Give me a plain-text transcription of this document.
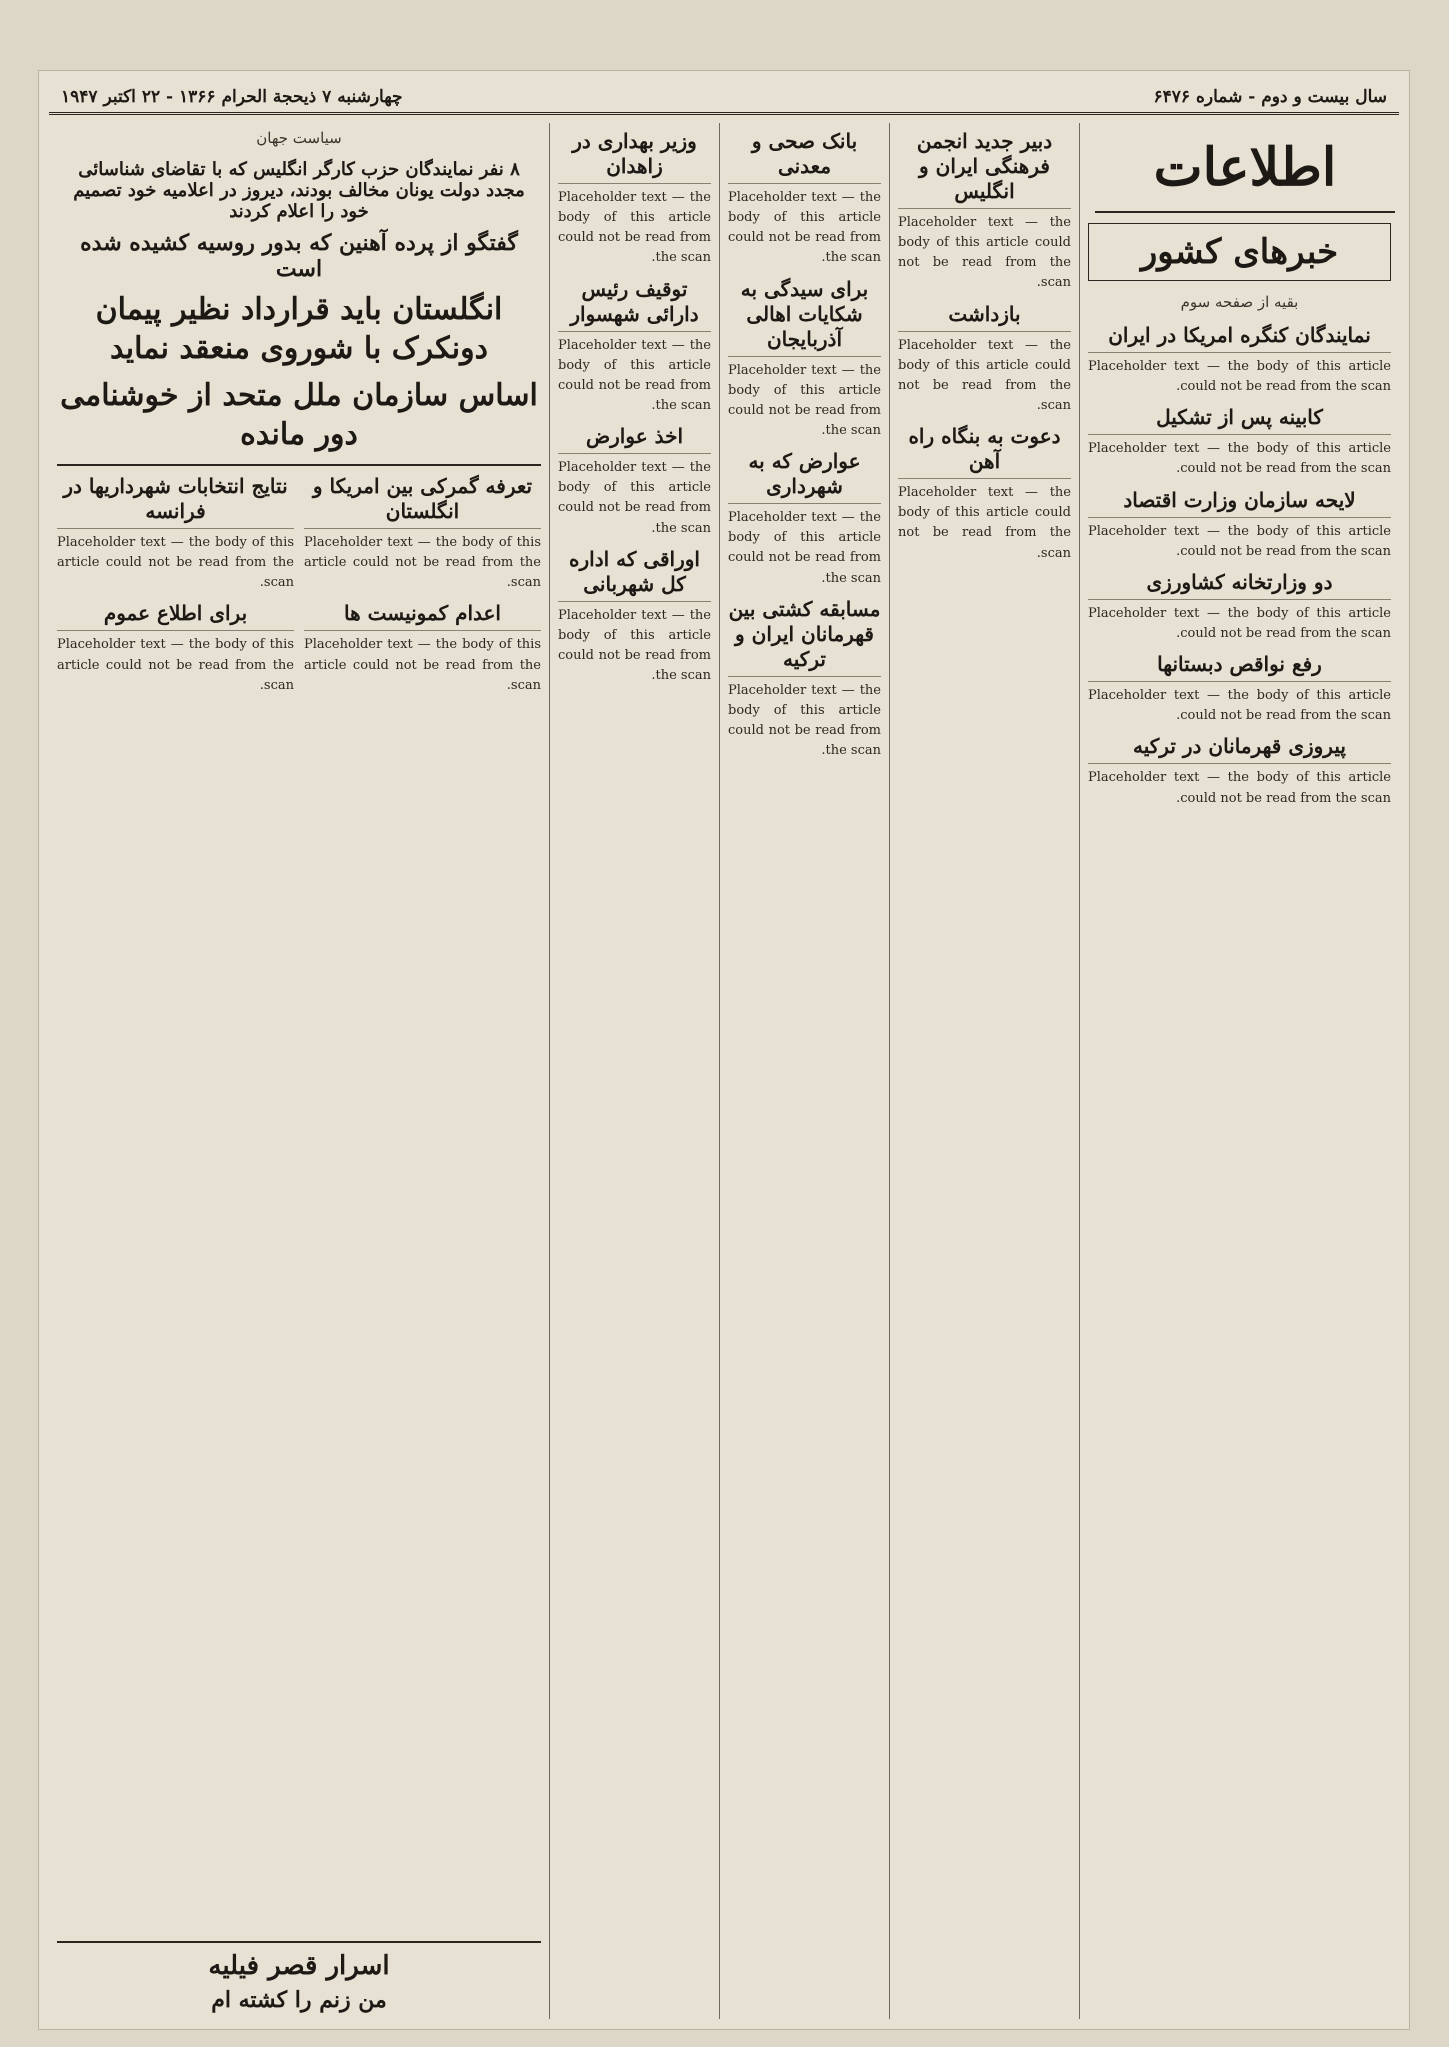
سال بیست و دوم - شماره ۶۴۷۶
چهارشنبه ۷ ذیحجة الحرام ۱۳۶۶ - ۲۲ اکتبر ۱۹۴۷
خبرهای کشور
بقیه از صفحه سوم
نمایندگان کنگره امریکا در ایران

Placeholder text — the body of this article could not be read from the scan.

کابینه پس از تشکیل

Placeholder text — the body of this article could not be read from the scan.

لایحه سازمان وزارت اقتصاد

Placeholder text — the body of this article could not be read from the scan.

دو وزارتخانه کشاورزی

Placeholder text — the body of this article could not be read from the scan.

رفع نواقص دبستانها

Placeholder text — the body of this article could not be read from the scan.

پیروزی قهرمانان در ترکیه

Placeholder text — the body of this article could not be read from the scan.

دبیر جدید انجمن فرهنگی ایران و انگلیس

Placeholder text — the body of this article could not be read from the scan.

بازداشت

Placeholder text — the body of this article could not be read from the scan.

دعوت به بنگاه راه آهن

Placeholder text — the body of this article could not be read from the scan.

بانک صحی و معدنی

Placeholder text — the body of this article could not be read from the scan.

برای سیدگی به شکایات اهالی آذربایجان

Placeholder text — the body of this article could not be read from the scan.

عوارض که به شهرداری

Placeholder text — the body of this article could not be read from the scan.

مسابقه کشتی بین قهرمانان ایران و ترکیه

Placeholder text — the body of this article could not be read from the scan.

وزیر بهداری در زاهدان

Placeholder text — the body of this article could not be read from the scan.

توقیف رئیس دارائی شهسوار

Placeholder text — the body of this article could not be read from the scan.

اخذ عوارض

Placeholder text — the body of this article could not be read from the scan.

اوراقی که اداره کل شهربانی

Placeholder text — the body of this article could not be read from the scan.

سیاست جهان
۸ نفر نمایندگان حزب کارگر انگلیس که با تقاضای شناسائی مجدد دولت یونان مخالف بودند، دیروز در اعلامیه خود تصمیم خود را اعلام کردند
گفتگو از پرده آهنین که بدور روسیه کشیده شده است
انگلستان باید قرارداد نظیر پیمان دونکرک با شوروی منعقد نماید
اساس سازمان ملل متحد از خوشنامی دور مانده
تعرفه گمرکی بین امریکا و انگلستان

Placeholder text — the body of this article could not be read from the scan.

اعدام کمونیست ها

Placeholder text — the body of this article could not be read from the scan.

نتایج انتخابات شهرداریها در فرانسه

Placeholder text — the body of this article could not be read from the scan.

برای اطلاع عموم

Placeholder text — the body of this article could not be read from the scan.

اسرار قصر فیلیه
من زنم را کشته ام
اطلاعات
